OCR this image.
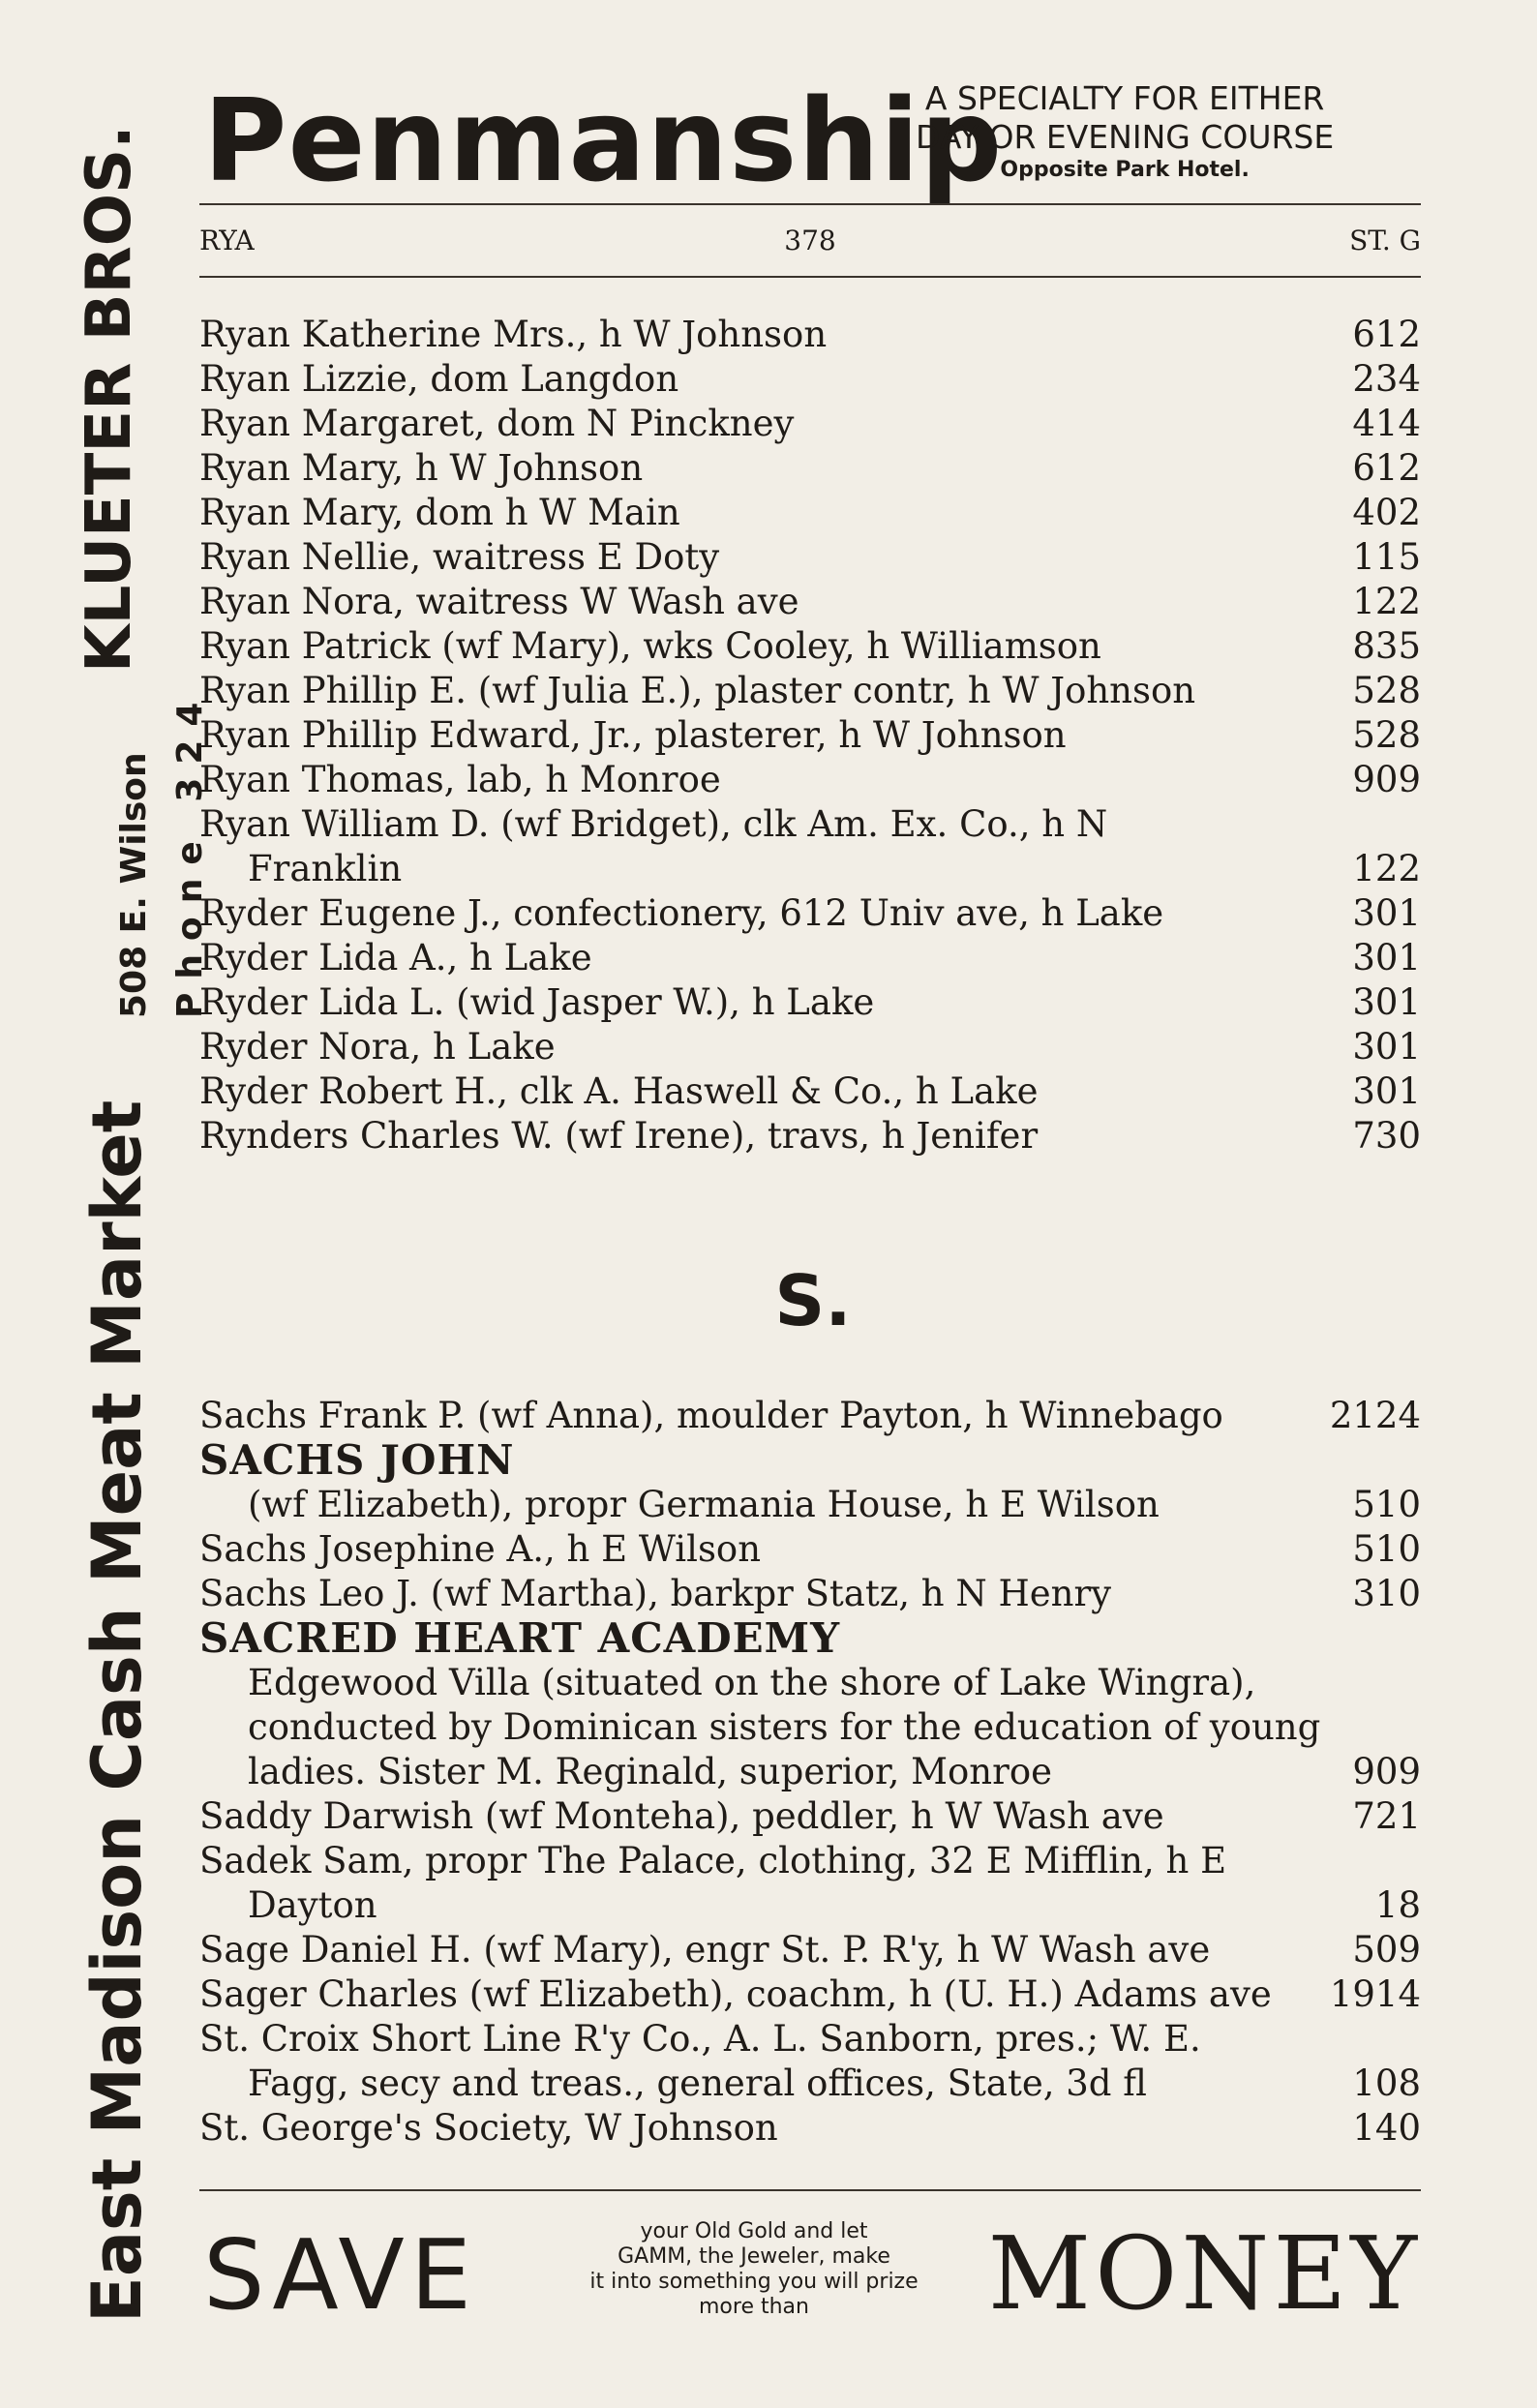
East Madison Cash Meat Market
508 E. Wilson Phone 324
KLUETER BROS. Penmanship
A SPECIALTY FOR EITHER
DAY OR EVENING COURSE
Opposite Park Hotel.
RYA	378	ST. G
Ryan Katherine Mrs., h W Johnson	612
Ryan Lizzie, dom Langdon	234
Ryan Margaret, dom N Pinckney	414
Ryan Mary, h W Johnson	612
Ryan Mary, dom h W Main	402
Ryan Nellie, waitress E Doty	115
Ryan Nora, waitress W Wash ave	122
Ryan Patrick (wf Mary), wks Cooley, h Williamson	835
Ryan Phillip E. (wf Julia E.), plaster contr, h W Johnson	528
Ryan Phillip Edward, Jr., plasterer, h W Johnson	528
Ryan Thomas, lab, h Monroe	909
Ryan William D. (wf Bridget), clk Am. Ex. Co., h N
Franklin	122
Ryder Eugene J., confectionery, 612 Univ ave, h Lake	301
Ryder Lida A., h Lake	301
Ryder Lida L. (wid Jasper W.), h Lake	301
Ryder Nora, h Lake	301
Ryder Robert H., clk A. Haswell & Co., h Lake	301
Rynders Charles W. (wf Irene), travs, h Jenifer	730
S.
Sachs Frank P. (wf Anna), moulder Payton, h Winnebago	2124
SACHS JOHN
(wf Elizabeth), propr Germania House, h E Wilson	510
Sachs Josephine A., h E Wilson	510
Sachs Leo J. (wf Martha), barkpr Statz, h N Henry	310
SACRED HEART ACADEMY
Edgewood Villa (situated on the shore of Lake Wingra),
conducted by Dominican sisters for the education of young
ladies. Sister M. Reginald, superior, Monroe	909
Saddy Darwish (wf Monteha), peddler, h W Wash ave	721
Sadek Sam, propr The Palace, clothing, 32 E Mifflin, h E
Dayton	18
Sage Daniel H. (wf Mary), engr St. P. R'y, h W Wash ave	509
Sager Charles (wf Elizabeth), coachm, h (U. H.) Adams ave 1914
St. Croix Short Line R'y Co., A. L. Sanborn, pres.; W. E.
Fagg, secy and treas., general offices, State, 3d fl	108
St. George's Society, W Johnson	140
SAVE	your Old Gold and let
GAMM, the Jeweler, make
it into something you will prize
more than	MONEY
